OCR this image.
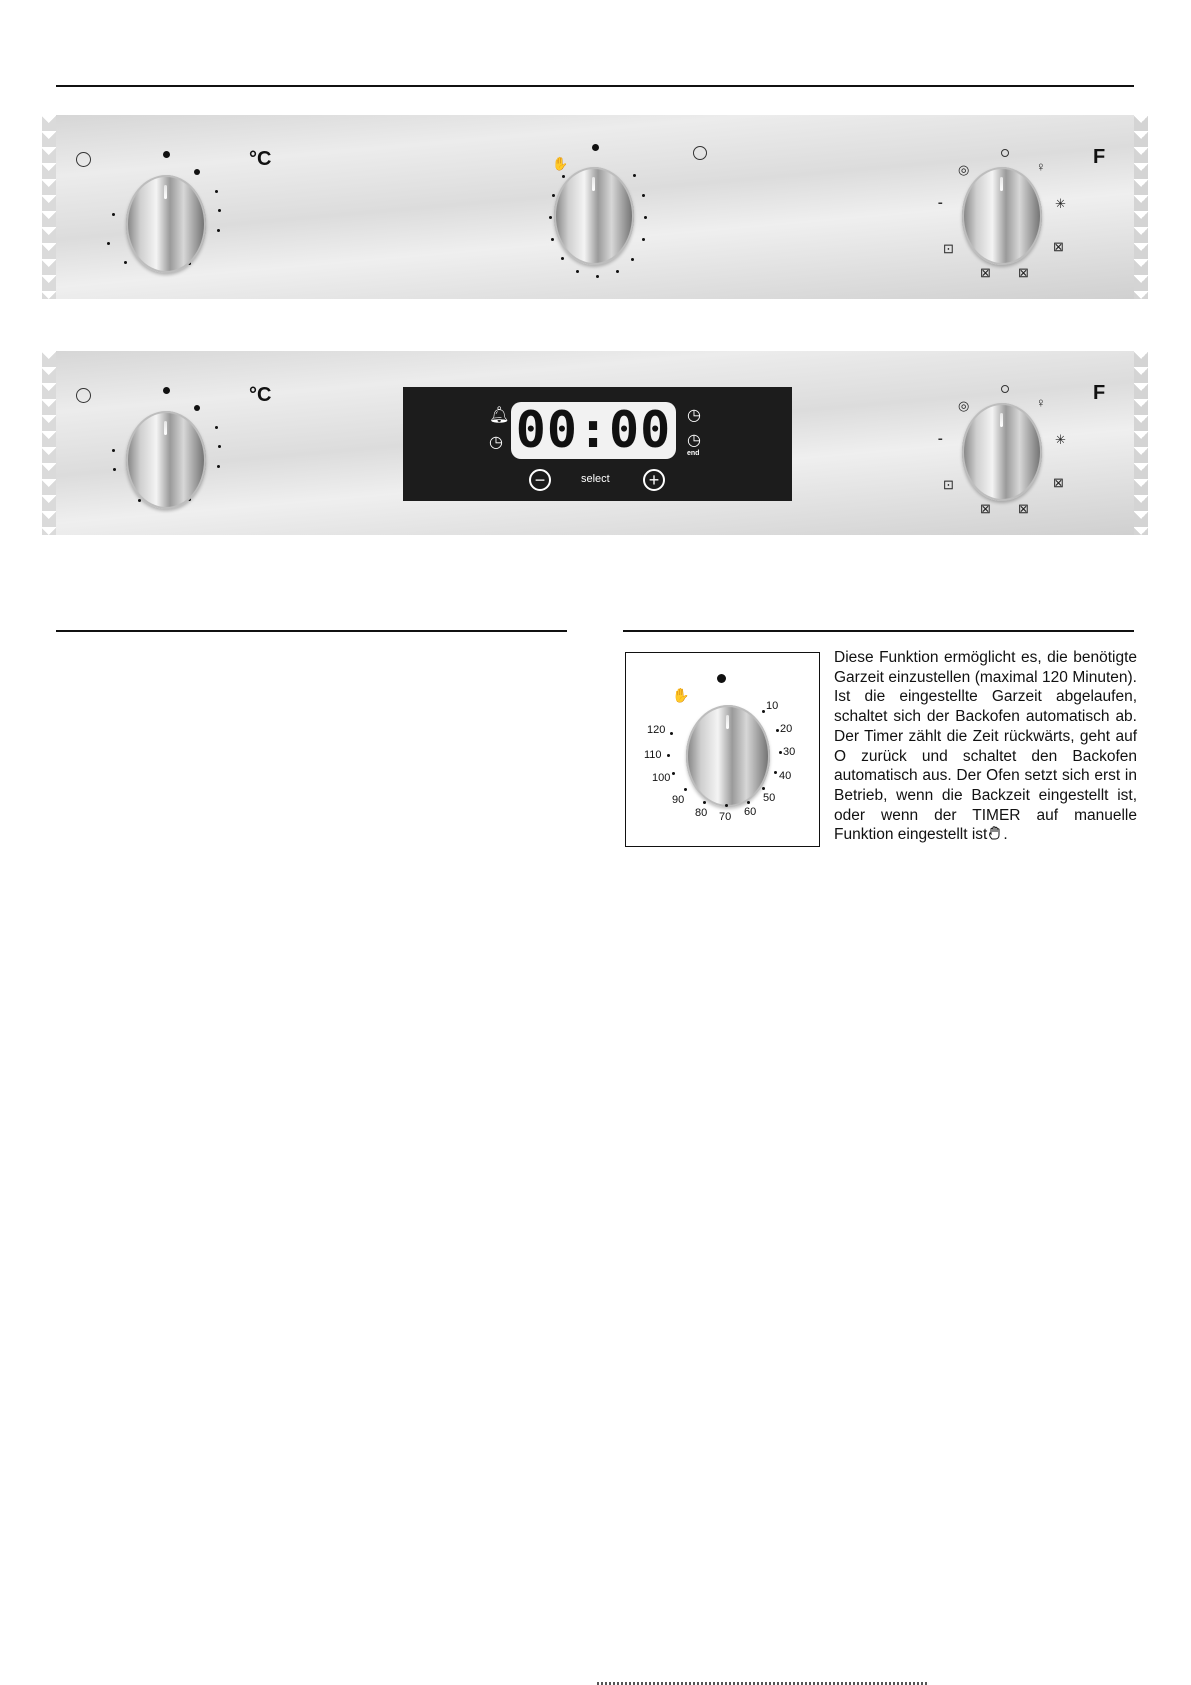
°C	✋	◎	♀
✳
⁃
⊡	⊠
⊠ ⊠
F
°C	◎	♀
✳
⁃
⊡	⊠
⊠ ⊠
F
🔔︎
◷ 00:00 ◷
◷
end
−	select	+
✋
10
20
30
40
50
60
70
80
90
100
110
120

Diese Funktion ermöglicht es, die benötigte Garzeit einzustellen (maximal 120 Minuten). Ist die eingestellte Garzeit abgelaufen, schaltet sich der Backofen automatisch ab. Der Timer zählt die Zeit rückwärts, geht auf O zurück und schaltet den Backofen automatisch aus. Der Ofen setzt sich erst in Betrieb, wenn die Backzeit eingestellt ist, oder wenn der TIMER auf manuelle Funktion eingestellt ist .
